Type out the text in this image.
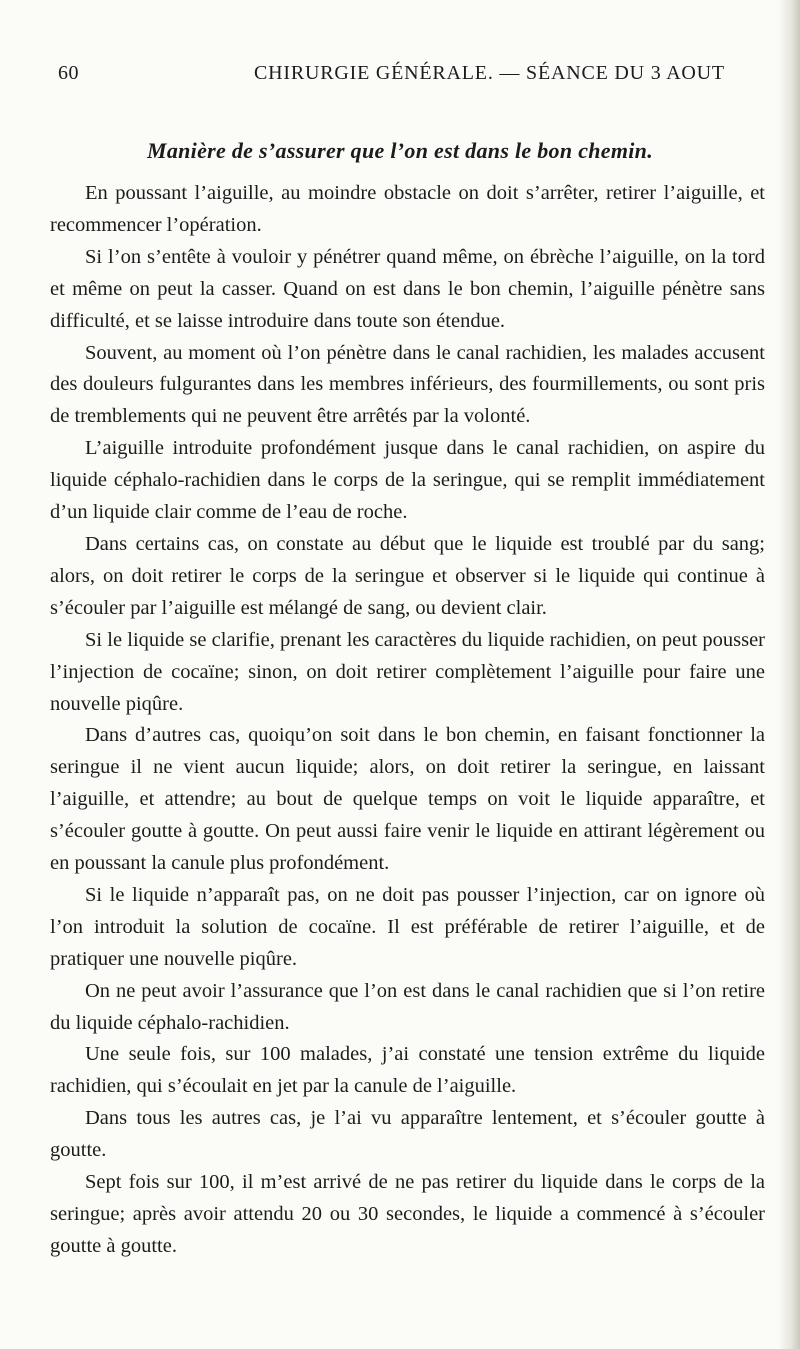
60	CHIRURGIE GÉNÉRALE. — SÉANCE DU 3 AOUT
Manière de s’assurer que l’on est dans le bon chemin.

En poussant l’aiguille, au moindre obstacle on doit s’arrêter, retirer l’aiguille, et recommencer l’opération.

Si l’on s’entête à vouloir y pénétrer quand même, on ébrèche l’aiguille, on la tord et même on peut la casser. Quand on est dans le bon chemin, l’aiguille pénètre sans difficulté, et se laisse introduire dans toute son étendue.

Souvent, au moment où l’on pénètre dans le canal rachidien, les malades accusent des douleurs fulgurantes dans les membres inférieurs, des fourmillements, ou sont pris de tremblements qui ne peuvent être arrêtés par la volonté.

L’aiguille introduite profondément jusque dans le canal rachidien, on aspire du liquide céphalo-rachidien dans le corps de la seringue, qui se remplit immédiatement d’un liquide clair comme de l’eau de roche.

Dans certains cas, on constate au début que le liquide est troublé par du sang; alors, on doit retirer le corps de la seringue et observer si le liquide qui continue à s’écouler par l’aiguille est mélangé de sang, ou devient clair.

Si le liquide se clarifie, prenant les caractères du liquide rachidien, on peut pousser l’injection de cocaïne; sinon, on doit retirer complètement l’aiguille pour faire une nouvelle piqûre.

Dans d’autres cas, quoiqu’on soit dans le bon chemin, en faisant fonctionner la seringue il ne vient aucun liquide; alors, on doit retirer la seringue, en laissant l’aiguille, et attendre; au bout de quelque temps on voit le liquide apparaître, et s’écouler goutte à goutte. On peut aussi faire venir le liquide en attirant légèrement ou en poussant la canule plus profondément.

Si le liquide n’apparaît pas, on ne doit pas pousser l’injection, car on ignore où l’on introduit la solution de cocaïne. Il est préférable de retirer l’aiguille, et de pratiquer une nouvelle piqûre.

On ne peut avoir l’assurance que l’on est dans le canal rachidien que si l’on retire du liquide céphalo-rachidien.

Une seule fois, sur 100 malades, j’ai constaté une tension extrême du liquide rachidien, qui s’écoulait en jet par la canule de l’aiguille.

Dans tous les autres cas, je l’ai vu apparaître lentement, et s’écouler goutte à goutte.

Sept fois sur 100, il m’est arrivé de ne pas retirer du liquide dans le corps de la seringue; après avoir attendu 20 ou 30 secondes, le liquide a commencé à s’écouler goutte à goutte.
